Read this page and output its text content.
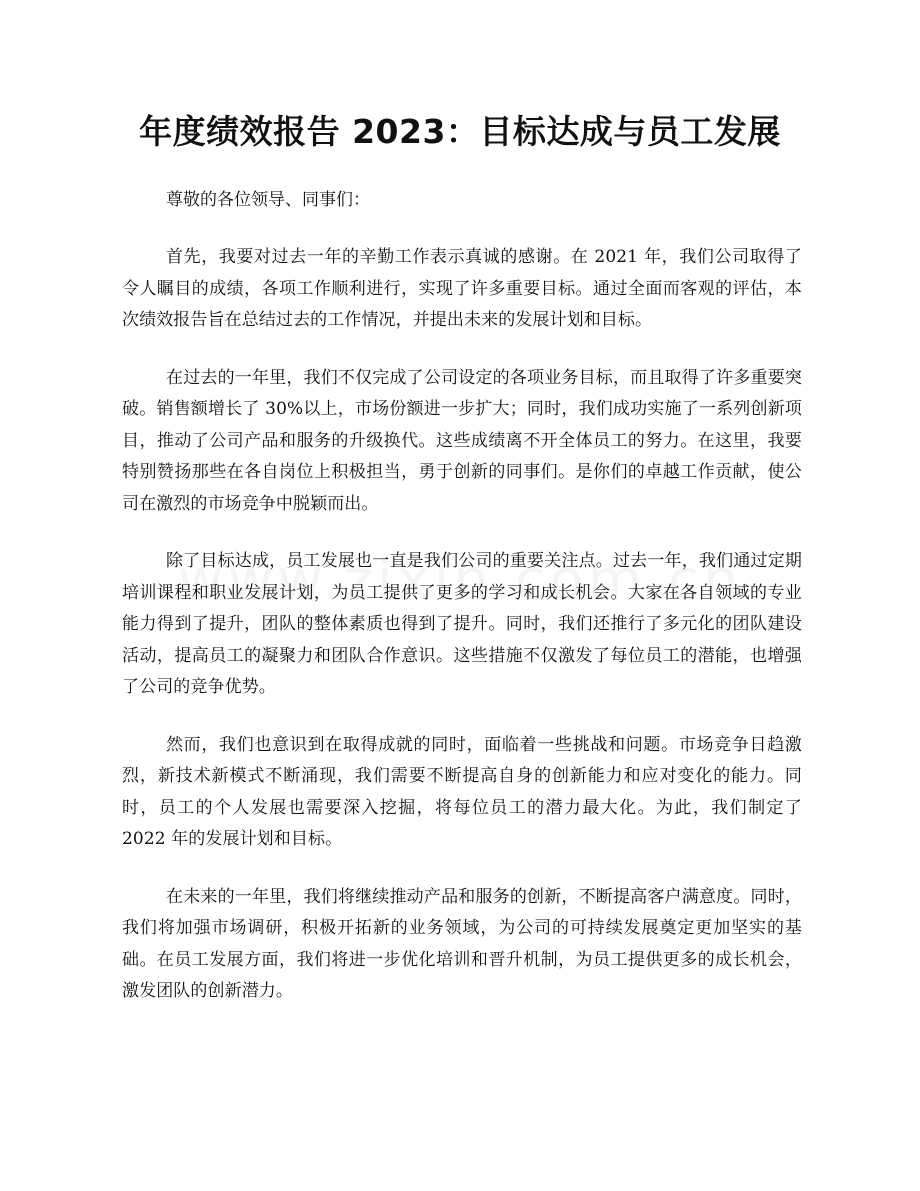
年度绩效报告 2023：目标达成与员工发展

尊敬的各位领导、同事们：

首先，我要对过去一年的辛勤工作表示真诚的感谢。在 2021 年，我们公司取得了令人瞩目的成绩，各项工作顺利进行，实现了许多重要目标。通过全面而客观的评估，本次绩效报告旨在总结过去的工作情况，并提出未来的发展计划和目标。

在过去的一年里，我们不仅完成了公司设定的各项业务目标，而且取得了许多重要突破。销售额增长了 30%以上，市场份额进一步扩大；同时，我们成功实施了一系列创新项目，推动了公司产品和服务的升级换代。这些成绩离不开全体员工的努力。在这里，我要特别赞扬那些在各自岗位上积极担当，勇于创新的同事们。是你们的卓越工作贡献，使公司在激烈的市场竞争中脱颖而出。

除了目标达成，员工发展也一直是我们公司的重要关注点。过去一年，我们通过定期培训课程和职业发展计划，为员工提供了更多的学习和成长机会。大家在各自领域的专业能力得到了提升，团队的整体素质也得到了提升。同时，我们还推行了多元化的团队建设活动，提高员工的凝聚力和团队合作意识。这些措施不仅激发了每位员工的潜能，也增强了公司的竞争优势。

然而，我们也意识到在取得成就的同时，面临着一些挑战和问题。市场竞争日趋激烈，新技术新模式不断涌现，我们需要不断提高自身的创新能力和应对变化的能力。同时，员工的个人发展也需要深入挖掘，将每位员工的潜力最大化。为此，我们制定了 2022 年的发展计划和目标。

在未来的一年里，我们将继续推动产品和服务的创新，不断提高客户满意度。同时，我们将加强市场调研，积极开拓新的业务领域，为公司的可持续发展奠定更加坚实的基础。在员工发展方面，我们将进一步优化培训和晋升机制，为员工提供更多的成长机会，激发团队的创新潜力。
